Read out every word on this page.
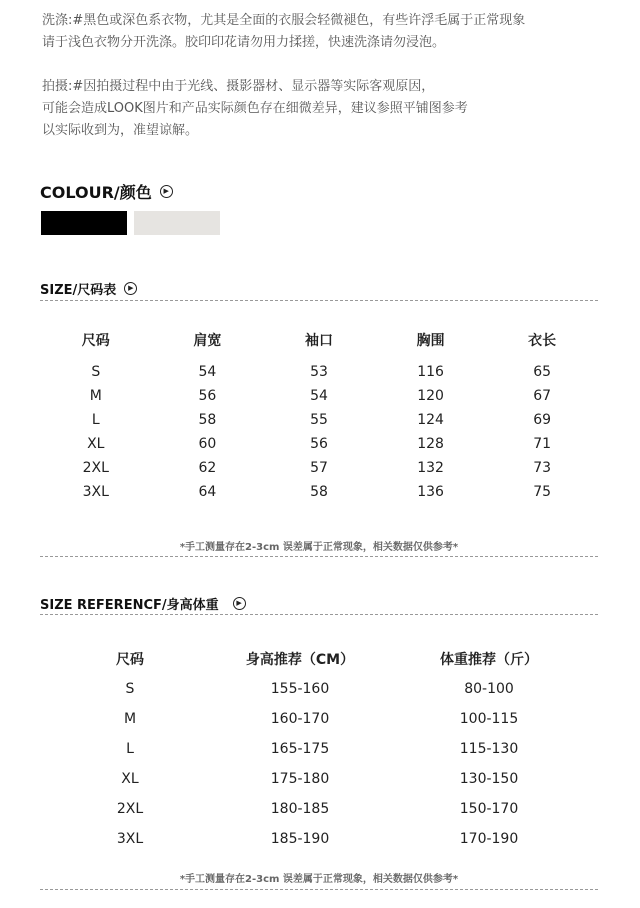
洗涤:#黑色或深色系衣物，尤其是全面的衣服会轻微褪色，有些许浮毛属于正常现象

请于浅色衣物分开洗涤。胶印印花请勿用力揉搓，快速洗涤请勿浸泡。

拍摄:#因拍摄过程中由于光线、摄影器材、显示器等实际客观原因，

可能会造成LOOK图片和产品实际颜色存在细微差异，建议参照平铺图参考

以实际收到为，准望谅解。

COLOUR/颜色	▶
SIZE/尺码表	▶
尺码	肩宽	袖口	胸围	衣长	

S	54	53	116	65
M	56	54	120	67
L	58	55	124	69
XL	60	56	128	71
2XL	62	57	132	73
3XL	64	58	136	75
*手工测量存在2-3cm 误差属于正常现象，相关数据仅供参考*
SIZE REFERENCF/身高体重	▶
尺码	身高推荐（CM）	体重推荐（斤）
S	155-160	80-100
M	160-170	100-115
L	165-175	115-130
XL	175-180	130-150
2XL	180-185	150-170
3XL	185-190	170-190
*手工测量存在2-3cm 误差属于正常现象，相关数据仅供参考*
